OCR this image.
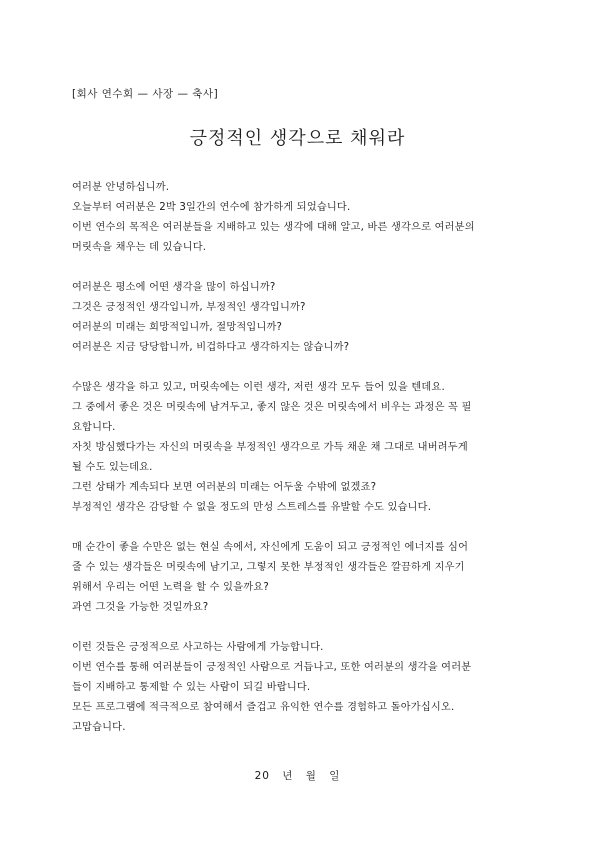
[회사 연수회 — 사장 — 축사]
긍정적인 생각으로 채워라

여러분 안녕하십니까.
오늘부터 여러분은 2박 3일간의 연수에 참가하게 되었습니다.
이번 연수의 목적은 여러분들을 지배하고 있는 생각에 대해 알고, 바른 생각으로 여러분의
머릿속을 채우는 데 있습니다.

여러분은 평소에 어떤 생각을 많이 하십니까?
그것은 긍정적인 생각입니까, 부정적인 생각입니까?
여러분의 미래는 희망적입니까, 절망적입니까?
여러분은 지금 당당합니까, 비겁하다고 생각하지는 않습니까?

수많은 생각을 하고 있고, 머릿속에는 이런 생각, 저런 생각 모두 들어 있을 텐데요.
그 중에서 좋은 것은 머릿속에 남겨두고, 좋지 않은 것은 머릿속에서 비우는 과정은 꼭 필
요합니다.
자칫 방심했다가는 자신의 머릿속을 부정적인 생각으로 가득 채운 채 그대로 내버려두게
될 수도 있는데요.
그런 상태가 계속되다 보면 여러분의 미래는 어두울 수밖에 없겠죠?
부정적인 생각은 감당할 수 없을 정도의 만성 스트레스를 유발할 수도 있습니다.

매 순간이 좋을 수만은 없는 현실 속에서, 자신에게 도움이 되고 긍정적인 에너지를 심어
줄 수 있는 생각들은 머릿속에 남기고, 그렇지 못한 부정적인 생각들은 깔끔하게 지우기
위해서 우리는 어떤 노력을 할 수 있을까요?
과연 그것을 가능한 것일까요?

이런 것들은 긍정적으로 사고하는 사람에게 가능합니다.
이번 연수를 통해 여러분들이 긍정적인 사람으로 거듭나고, 또한 여러분의 생각을 여러분
들이 지배하고 통제할 수 있는 사람이 되길 바랍니다.
모든 프로그램에 적극적으로 참여해서 즐겁고 유익한 연수를 경험하고 돌아가십시오.
고맙습니다.

20 년 월 일
